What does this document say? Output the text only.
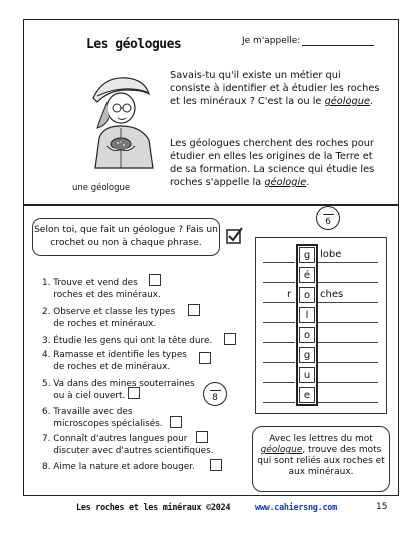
Les géologues	Je m'appelle:
une géologue
Savais-tu qu'il existe un métier qui consiste à identifier et à étudier les roches et les minéraux ? C'est la ou le géologue.
Les géologues cherchent des roches pour étudier en elles les origines de la Terre et de sa formation. La science qui étudie les roches s'appelle la géologie.
Selon toi, que fait un géologue ? Fais un crochet ou non à chaque phrase.
6
1. Trouve et vend des
roches et des minéraux.
2. Observe et classe les types
de roches et minéraux.
3. Étudie les gens qui ont la tête dure.
4. Ramasse et identifie les types
de roches et de minéraux.
5. Va dans des mines souterraines
ou à ciel ouvert.	8
6. Travaille avec des
microscopes spécialisés.
7. Connaît d'autres langues pour
discuter avec d'autres scientifiques.
8. Aime la nature et adore bouger.
g
é
o
l
o
g
u
e
lobe
r	ches
Avec les lettres du mot géologue, trouve des mots qui sont reliés aux roches et aux minéraux.
Les roches et les minéraux ©2024	www.cahiersng.com	15
